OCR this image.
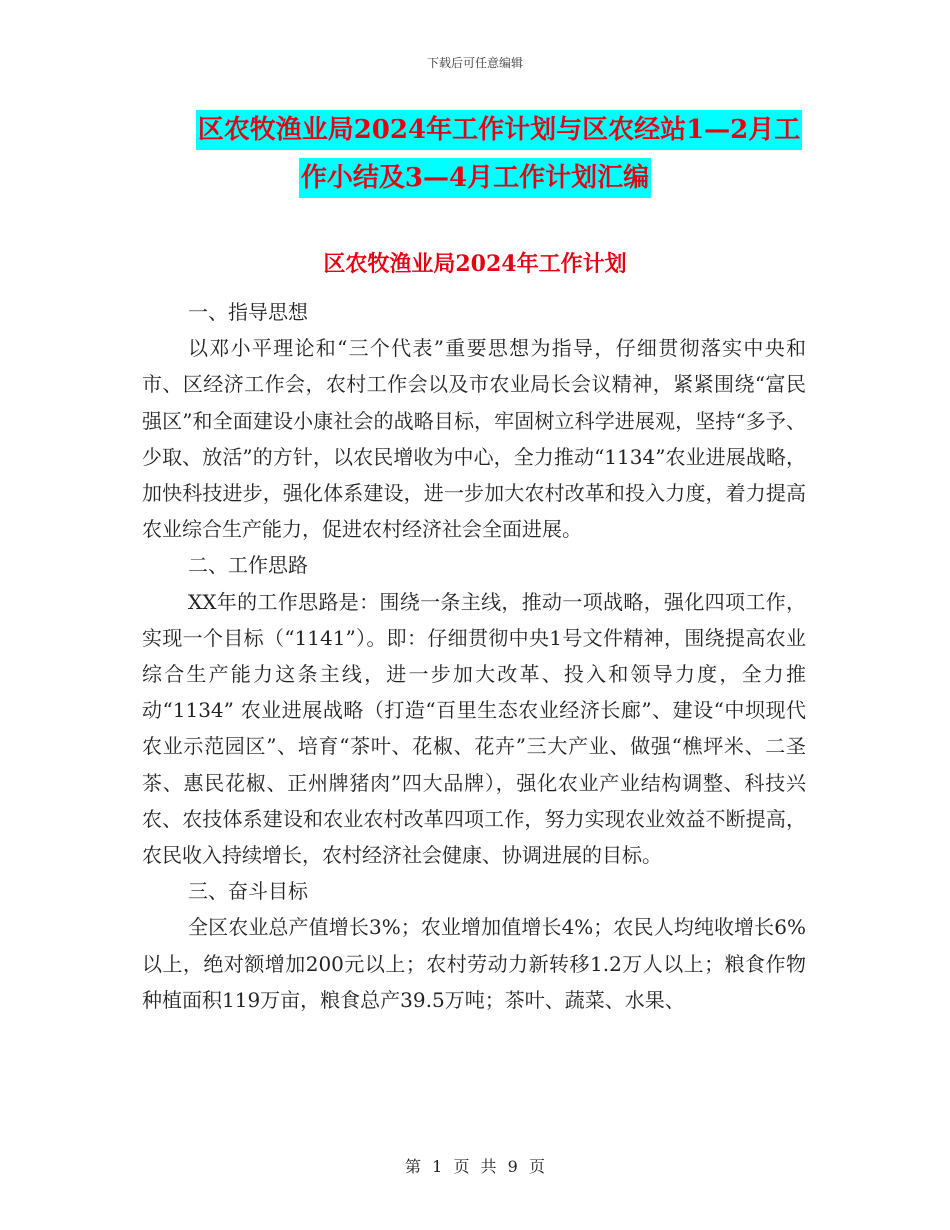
下载后可任意编辑
区农牧渔业局2024年工作计划与区农经站1—2月工
作小结及3—4月工作计划汇编
区农牧渔业局2024年工作计划

一、指导思想

以邓小平理论和“三个代表”重要思想为指导，仔细贯彻落实中央和市、区经济工作会，农村工作会以及市农业局长会议精神，紧紧围绕“富民强区”和全面建设小康社会的战略目标，牢固树立科学进展观，坚持“多予、少取、放活”的方针，以农民增收为中心，全力推动“1134”农业进展战略，加快科技进步，强化体系建设，进一步加大农村改革和投入力度，着力提高农业综合生产能力，促进农村经济社会全面进展。

二、工作思路

XX年的工作思路是：围绕一条主线，推动一项战略，强化四项工作，实现一个目标（“1141”）。即：仔细贯彻中央1号文件精神，围绕提高农业综合生产能力这条主线，进一步加大改革、投入和领导力度，全力推动“1134” 农业进展战略（打造“百里生态农业经济长廊”、建设“中坝现代农业示范园区”、培育“茶叶、花椒、花卉”三大产业、做强“樵坪米、二圣茶、惠民花椒、正州牌猪肉”四大品牌），强化农业产业结构调整、科技兴农、农技体系建设和农业农村改革四项工作，努力实现农业效益不断提高，农民收入持续增长，农村经济社会健康、协调进展的目标。

三、奋斗目标

全区农业总产值增长3%；农业增加值增长4%；农民人均纯收增长6%以上，绝对额增加200元以上；农村劳动力新转移1.2万人以上；粮食作物种植面积119万亩，粮食总产39.5万吨；茶叶、蔬菜、水果、

第 1 页 共 9 页
